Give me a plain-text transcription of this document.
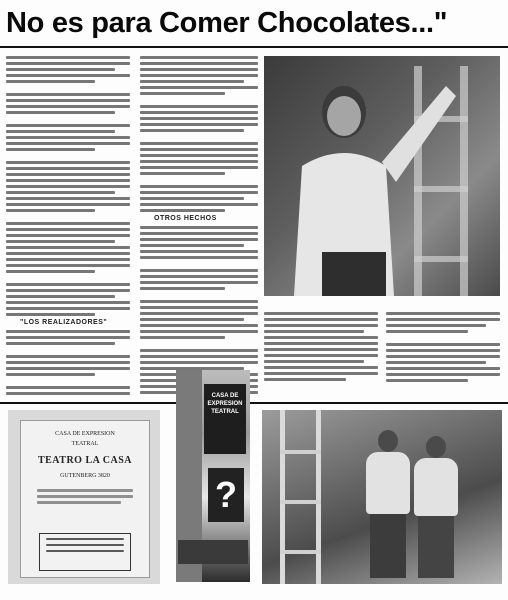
No es para Comer Chocolates..."
"LOS REALIZADORES"
OTROS HECHOS
CASA DE EXPRESION
TEATRAL
TEATRO LA CASA
GUTENBERG 3820
CASA DE EXPRESION TEATRAL
?
